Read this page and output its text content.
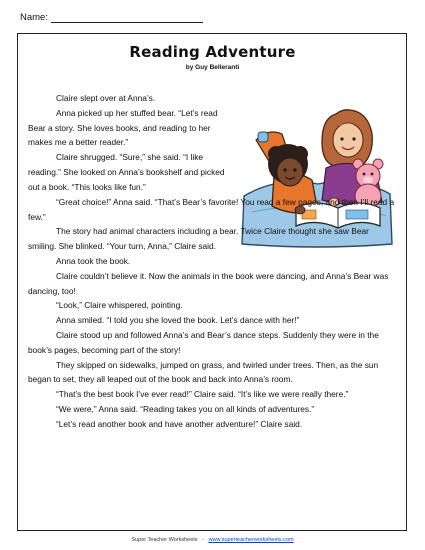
Name:
Reading Adventure
by Guy Belleranti

Claire slept over at Anna’s.

Anna picked up her stuffed bear. “Let’s read Bear a story. She loves books, and reading to her makes me a better reader.”

Claire shrugged. “Sure,” she said. “I like reading.” She looked on Anna’s bookshelf and picked out a book. “This looks like fun.”

“Great choice!” Anna said. “That’s Bear’s favorite! You read a few pages, and then I’ll read a few.”

The story had animal characters including a bear. Twice Claire thought she saw Bear smiling. She blinked. “Your turn, Anna,” Claire said.

Anna took the book.

Claire couldn’t believe it. Now the animals in the book were dancing, and Anna’s Bear was dancing, too!

“Look,” Claire whispered, pointing.

Anna smiled. “I told you she loved the book. Let’s dance with her!”

Claire stood up and followed Anna’s and Bear’s dance steps. Suddenly they were in the book’s pages, becoming part of the story!

They skipped on sidewalks, jumped on grass, and twirled under trees. Then, as the sun began to set, they all leaped out of the book and back into Anna’s room.

“That’s the best book I’ve ever read!” Claire said. “It’s like we were really there.”

“We were,” Anna said. “Reading takes you on all kinds of adventures.”

“Let’s read another book and have another adventure!” Claire said.

Super Teacher Worksheets - www.superteacherworksheets.com
